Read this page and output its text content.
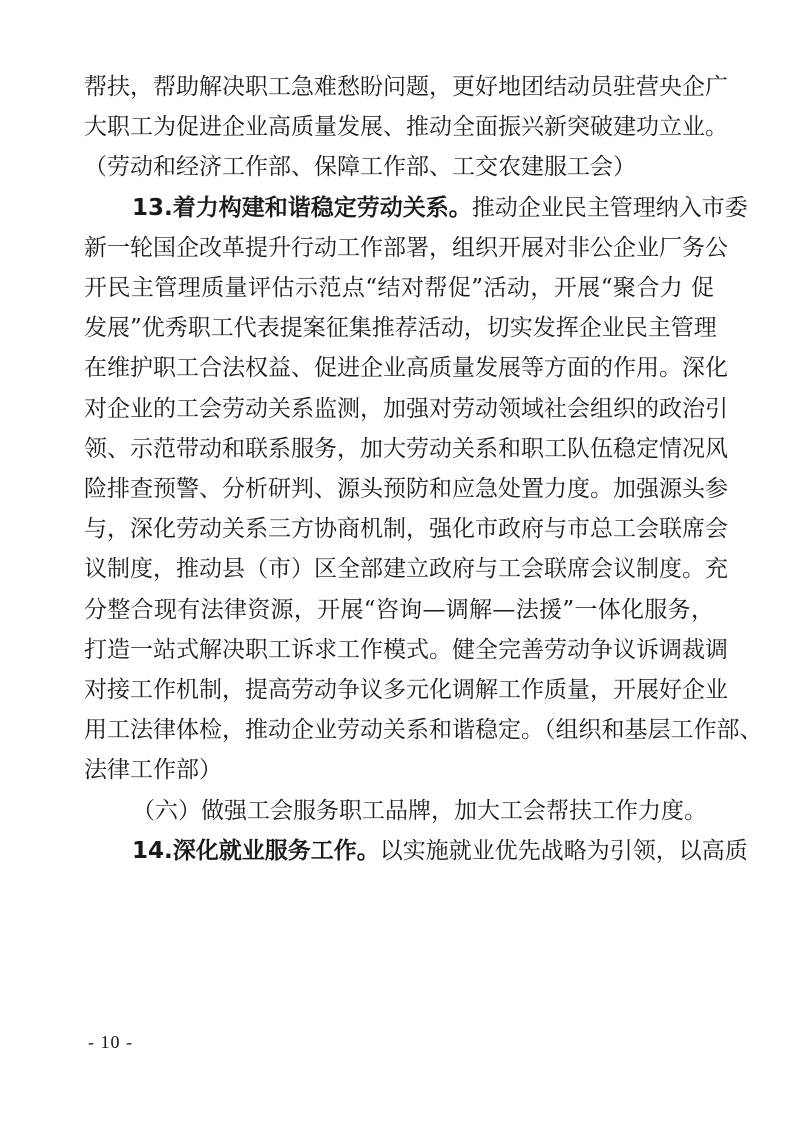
帮扶，帮助解决职工急难愁盼问题，更好地团结动员驻营央企广
大职工为促进企业高质量发展、推动全面振兴新突破建功立业。
（劳动和经济工作部、保障工作部、工交农建服工会）
13.着力构建和谐稳定劳动关系。推动企业民主管理纳入市委
新一轮国企改革提升行动工作部署，组织开展对非公企业厂务公
开民主管理质量评估示范点“结对帮促”活动，开展“聚合力 促
发展”优秀职工代表提案征集推荐活动，切实发挥企业民主管理
在维护职工合法权益、促进企业高质量发展等方面的作用。深化
对企业的工会劳动关系监测，加强对劳动领域社会组织的政治引
领、示范带动和联系服务，加大劳动关系和职工队伍稳定情况风
险排查预警、分析研判、源头预防和应急处置力度。加强源头参
与，深化劳动关系三方协商机制，强化市政府与市总工会联席会
议制度，推动县（市）区全部建立政府与工会联席会议制度。充
分整合现有法律资源，开展“咨询—调解—法援”一体化服务，
打造一站式解决职工诉求工作模式。健全完善劳动争议诉调裁调
对接工作机制，提高劳动争议多元化调解工作质量，开展好企业
用工法律体检，推动企业劳动关系和谐稳定。（组织和基层工作部、
法律工作部）
（六）做强工会服务职工品牌，加大工会帮扶工作力度。
14.深化就业服务工作。以实施就业优先战略为引领，以高质
- 10 -
